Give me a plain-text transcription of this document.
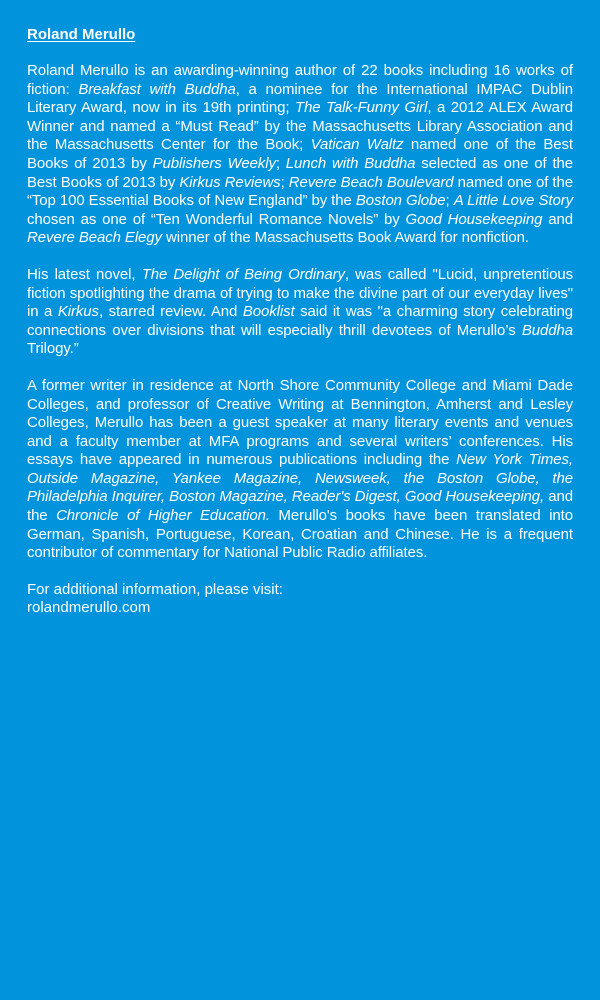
Roland Merullo

Roland Merullo is an awarding-winning author of 22 books including 16 works of fiction: Breakfast with Buddha, a nominee for the International IMPAC Dublin Literary Award, now in its 19th printing; The Talk-Funny Girl, a 2012 ALEX Award Winner and named a “Must Read” by the Massachusetts Library Association and the Massachusetts Center for the Book; Vatican Waltz named one of the Best Books of 2013 by Publishers Weekly; Lunch with Buddha selected as one of the Best Books of 2013 by Kirkus Reviews; Revere Beach Boulevard named one of the “Top 100 Essential Books of New England” by the Boston Globe; A Little Love Story chosen as one of “Ten Wonderful Romance Novels” by Good Housekeeping and Revere Beach Elegy winner of the Massachusetts Book Award for nonfiction.

His latest novel, The Delight of Being Ordinary, was called "Lucid, unpretentious fiction spotlighting the drama of trying to make the divine part of our everyday lives" in a Kirkus, starred review. And Booklist said it was "a charming story celebrating connections over divisions that will especially thrill devotees of Merullo’s Buddha Trilogy.”

A former writer in residence at North Shore Community College and Miami Dade Colleges, and professor of Creative Writing at Bennington, Amherst and Lesley Colleges, Merullo has been a guest speaker at many literary events and venues and a faculty member at MFA programs and several writers’ conferences. His essays have appeared in numerous publications including the New York Times, Outside Magazine, Yankee Magazine, Newsweek, the Boston Globe, the Philadelphia Inquirer, Boston Magazine, Reader's Digest, Good Housekeeping, and the Chronicle of Higher Education. Merullo's books have been translated into German, Spanish, Portuguese, Korean, Croatian and Chinese. He is a frequent contributor of commentary for National Public Radio affiliates.

For additional information, please visit:
rolandmerullo.com
